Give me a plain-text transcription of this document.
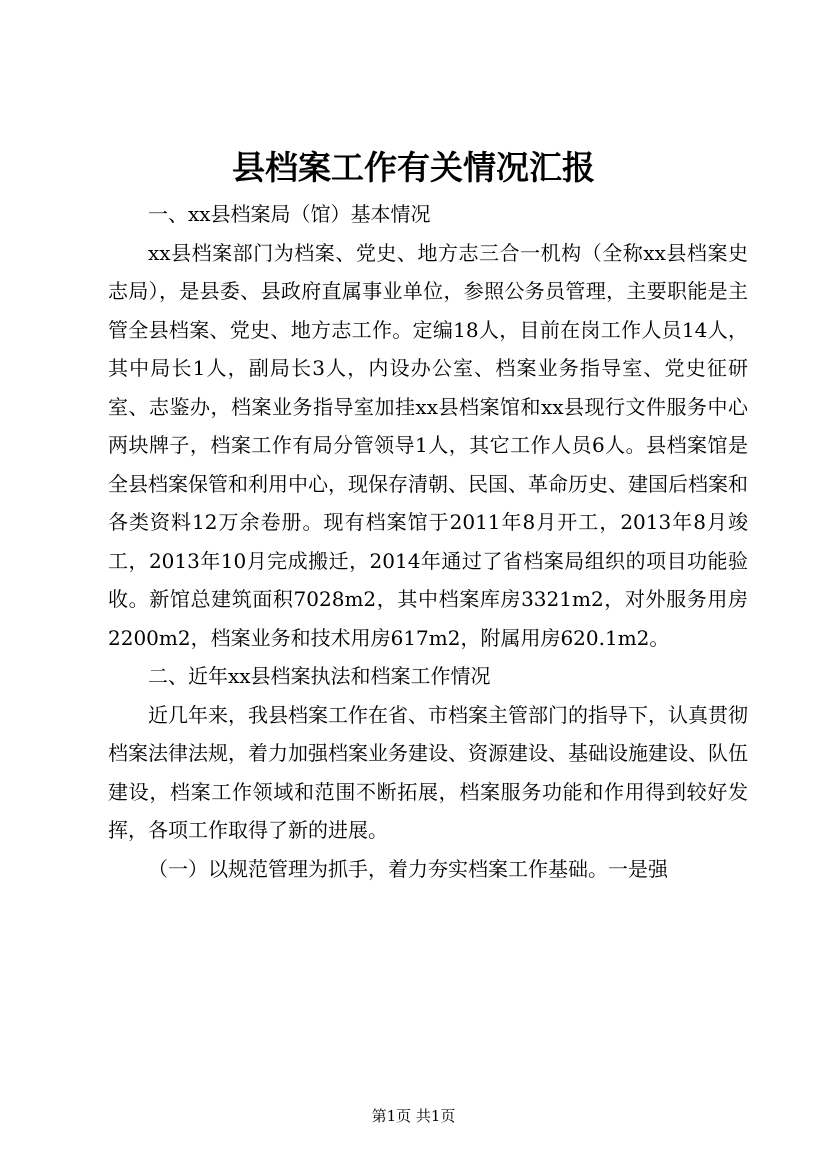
县档案工作有关情况汇报

一、xx县档案局（馆）基本情况

xx县档案部门为档案、党史、地方志三合一机构（全称xx县档案史志局），是县委、县政府直属事业单位，参照公务员管理，主要职能是主管全县档案、党史、地方志工作。定编18人，目前在岗工作人员14人，其中局长1人，副局长3人，内设办公室、档案业务指导室、党史征研室、志鉴办，档案业务指导室加挂xx县档案馆和xx县现行文件服务中心两块牌子，档案工作有局分管领导1人，其它工作人员6人。县档案馆是全县档案保管和利用中心，现保存清朝、民国、革命历史、建国后档案和各类资料12万余卷册。现有档案馆于2011年8月开工，2013年8月竣工，2013年10月完成搬迁，2014年通过了省档案局组织的项目功能验收。新馆总建筑面积7028m2，其中档案库房3321m2，对外服务用房2200m2，档案业务和技术用房617m2，附属用房620.1m2。

二、近年xx县档案执法和档案工作情况

近几年来，我县档案工作在省、市档案主管部门的指导下，认真贯彻档案法律法规，着力加强档案业务建设、资源建设、基础设施建设、队伍建设，档案工作领域和范围不断拓展，档案服务功能和作用得到较好发挥，各项工作取得了新的进展。

（一）以规范管理为抓手，着力夯实档案工作基础。一是强

第1页 共1页
